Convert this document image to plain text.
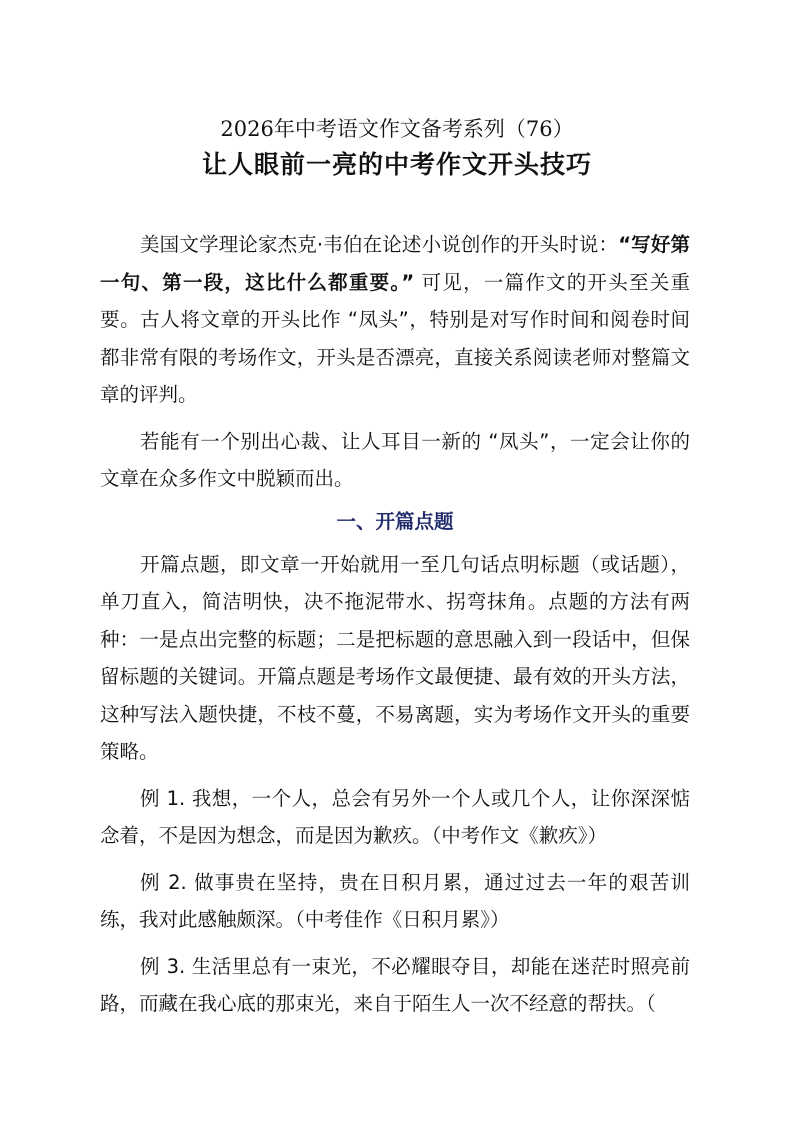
2026年中考语文作文备考系列（76）
让人眼前一亮的中考作文开头技巧

美国文学理论家杰克·韦伯在论述小说创作的开头时说：“写好第一句、第一段，这比什么都重要。” 可见，一篇作文的开头至关重要。古人将文章的开头比作 “凤头”，特别是对写作时间和阅卷时间都非常有限的考场作文，开头是否漂亮，直接关系阅读老师对整篇文章的评判。

若能有一个别出心裁、让人耳目一新的 “凤头”，一定会让你的文章在众多作文中脱颖而出。

一、开篇点题

开篇点题，即文章一开始就用一至几句话点明标题（或话题），单刀直入，简洁明快，决不拖泥带水、拐弯抹角。点题的方法有两种：一是点出完整的标题；二是把标题的意思融入到一段话中，但保留标题的关键词。开篇点题是考场作文最便捷、最有效的开头方法，这种写法入题快捷，不枝不蔓，不易离题，实为考场作文开头的重要策略。

例 1. 我想，一个人，总会有另外一个人或几个人，让你深深惦念着，不是因为想念，而是因为歉疚。（中考作文《歉疚》）

例 2. 做事贵在坚持，贵在日积月累，通过过去一年的艰苦训练，我对此感触颇深。（中考佳作《日积月累》）

例 3. 生活里总有一束光，不必耀眼夺目，却能在迷茫时照亮前路，而藏在我心底的那束光，来自于陌生人一次不经意的帮扶。（
